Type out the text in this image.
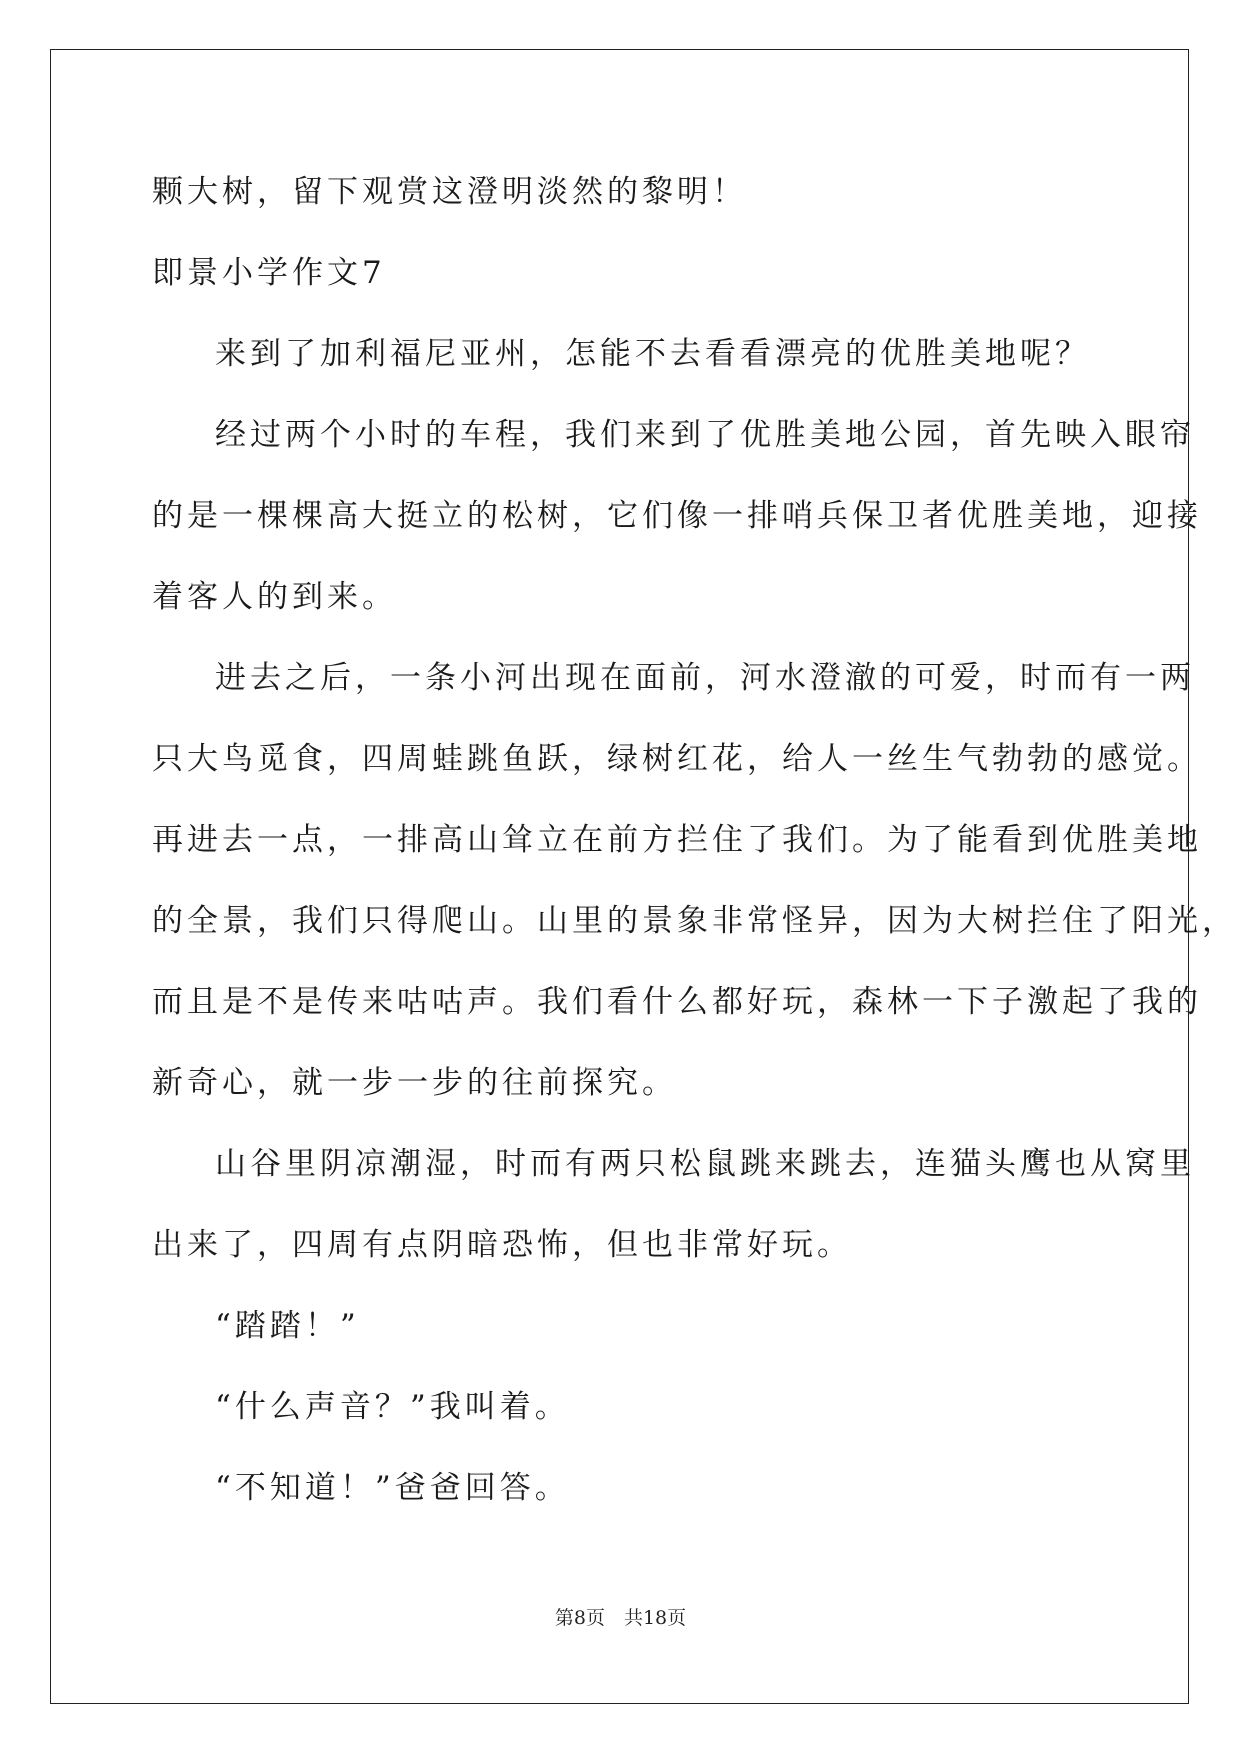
颗大树，留下观赏这澄明淡然的黎明！
即景小学作文7
来到了加利福尼亚州，怎能不去看看漂亮的优胜美地呢？
经过两个小时的车程，我们来到了优胜美地公园，首先映入眼帘
的是一棵棵高大挺立的松树，它们像一排哨兵保卫者优胜美地，迎接
着客人的到来。
进去之后，一条小河出现在面前，河水澄澈的可爱，时而有一两
只大鸟觅食，四周蛙跳鱼跃，绿树红花，给人一丝生气勃勃的感觉。
再进去一点，一排高山耸立在前方拦住了我们。为了能看到优胜美地
的全景，我们只得爬山。山里的景象非常怪异，因为大树拦住了阳光，
而且是不是传来咕咕声。我们看什么都好玩，森林一下子激起了我的
新奇心，就一步一步的往前探究。
山谷里阴凉潮湿，时而有两只松鼠跳来跳去，连猫头鹰也从窝里
出来了，四周有点阴暗恐怖，但也非常好玩。
“踏踏！”
“什么声音？”我叫着。
“不知道！”爸爸回答。
第8页　共18页
